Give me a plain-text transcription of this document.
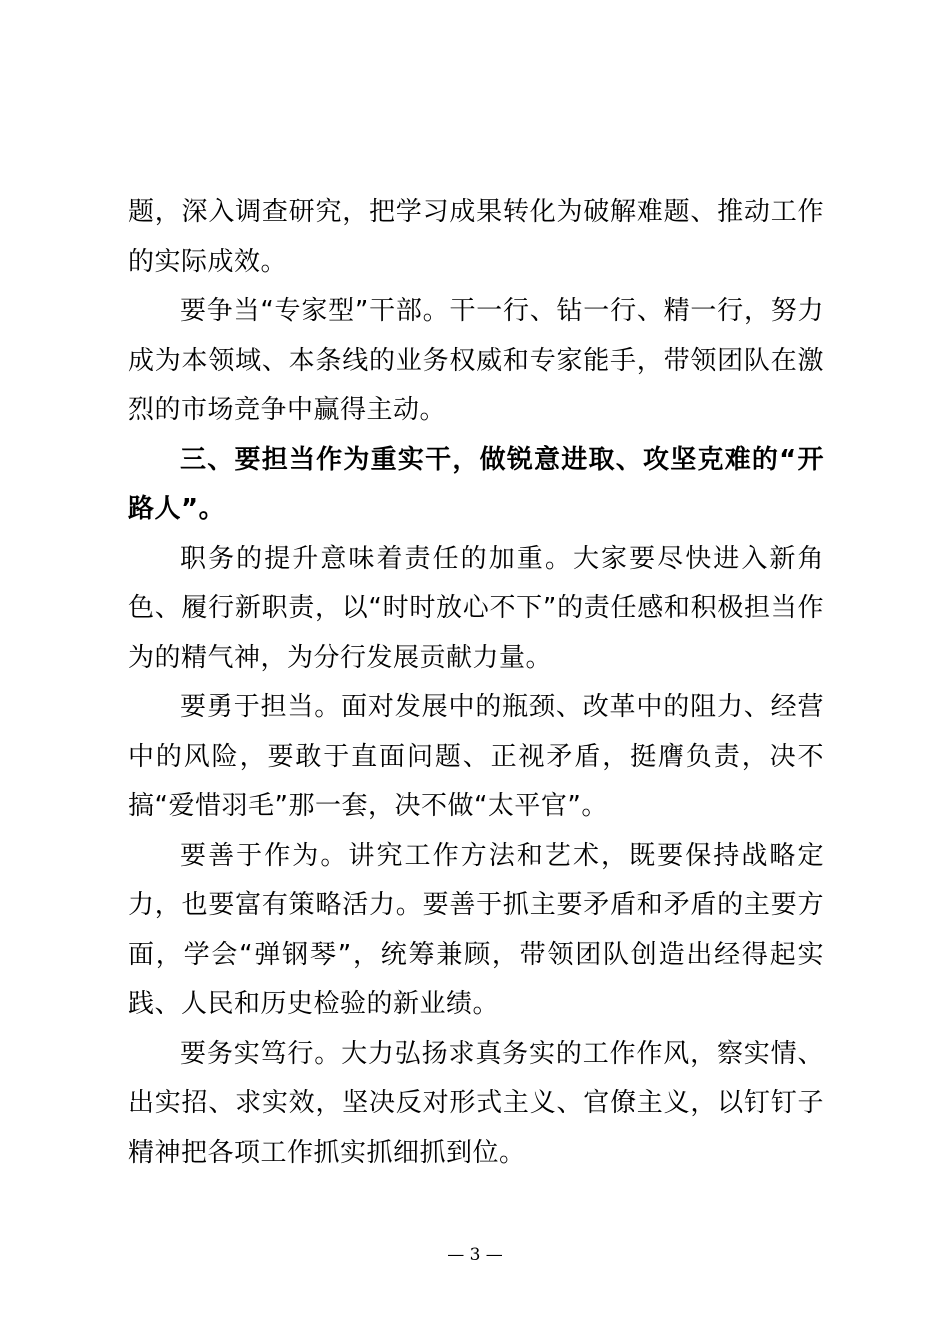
题，深入调查研究，把学习成果转化为破解难题、推动工作的实际成效。

要争当“专家型”干部。干一行、钻一行、精一行，努力成为本领域、本条线的业务权威和专家能手，带领团队在激烈的市场竞争中赢得主动。

三、要担当作为重实干，做锐意进取、攻坚克难的“开路人”。

职务的提升意味着责任的加重。大家要尽快进入新角色、履行新职责，以“时时放心不下”的责任感和积极担当作为的精气神，为分行发展贡献力量。

要勇于担当。面对发展中的瓶颈、改革中的阻力、经营中的风险，要敢于直面问题、正视矛盾，挺膺负责，决不搞“爱惜羽毛”那一套，决不做“太平官”。

要善于作为。讲究工作方法和艺术，既要保持战略定力，也要富有策略活力。要善于抓主要矛盾和矛盾的主要方面，学会“弹钢琴”，统筹兼顾，带领团队创造出经得起实践、人民和历史检验的新业绩。

要务实笃行。大力弘扬求真务实的工作作风，察实情、出实招、求实效，坚决反对形式主义、官僚主义，以钉钉子精神把各项工作抓实抓细抓到位。

— 3 —
